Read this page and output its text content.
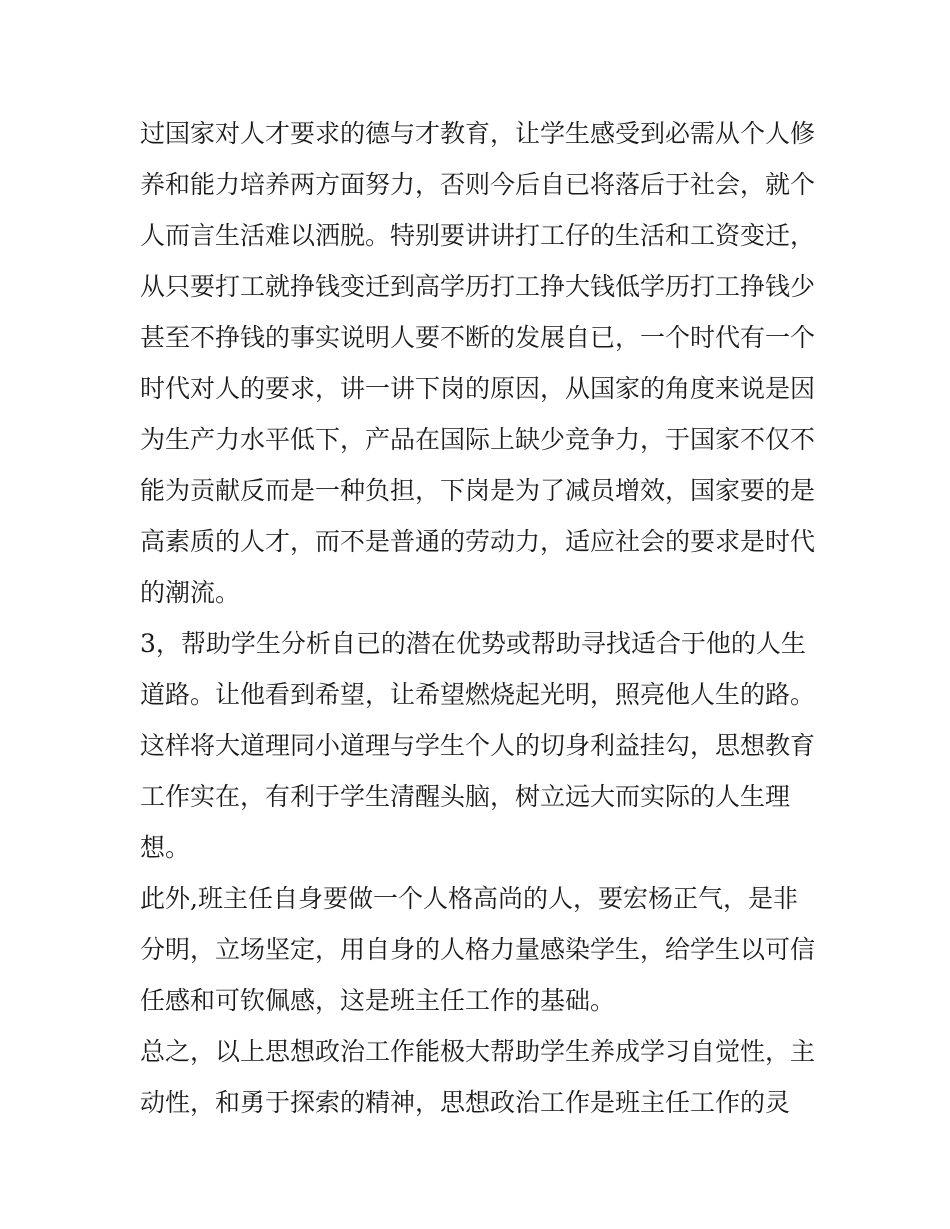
过国家对人才要求的德与才教育，让学生感受到必需从个人修
养和能力培养两方面努力，否则今后自已将落后于社会，就个
人而言生活难以洒脱。特别要讲讲打工仔的生活和工资变迁，
从只要打工就挣钱变迁到高学历打工挣大钱低学历打工挣钱少
甚至不挣钱的事实说明人要不断的发展自已，一个时代有一个
时代对人的要求，讲一讲下岗的原因，从国家的角度来说是因
为生产力水平低下，产品在国际上缺少竞争力，于国家不仅不
能为贡献反而是一种负担，下岗是为了减员增效，国家要的是
高素质的人才，而不是普通的劳动力，适应社会的要求是时代
的潮流。
3，帮助学生分析自已的潜在优势或帮助寻找适合于他的人生
道路。让他看到希望，让希望燃烧起光明，照亮他人生的路。
这样将大道理同小道理与学生个人的切身利益挂勾，思想教育
工作实在，有利于学生清醒头脑，树立远大而实际的人生理
想。
此外,班主任自身要做一个人格高尚的人，要宏杨正气，是非
分明，立场坚定，用自身的人格力量感染学生，给学生以可信
任感和可钦佩感，这是班主任工作的基础。
总之，以上思想政治工作能极大帮助学生养成学习自觉性，主
动性，和勇于探索的精神，思想政治工作是班主任工作的灵
